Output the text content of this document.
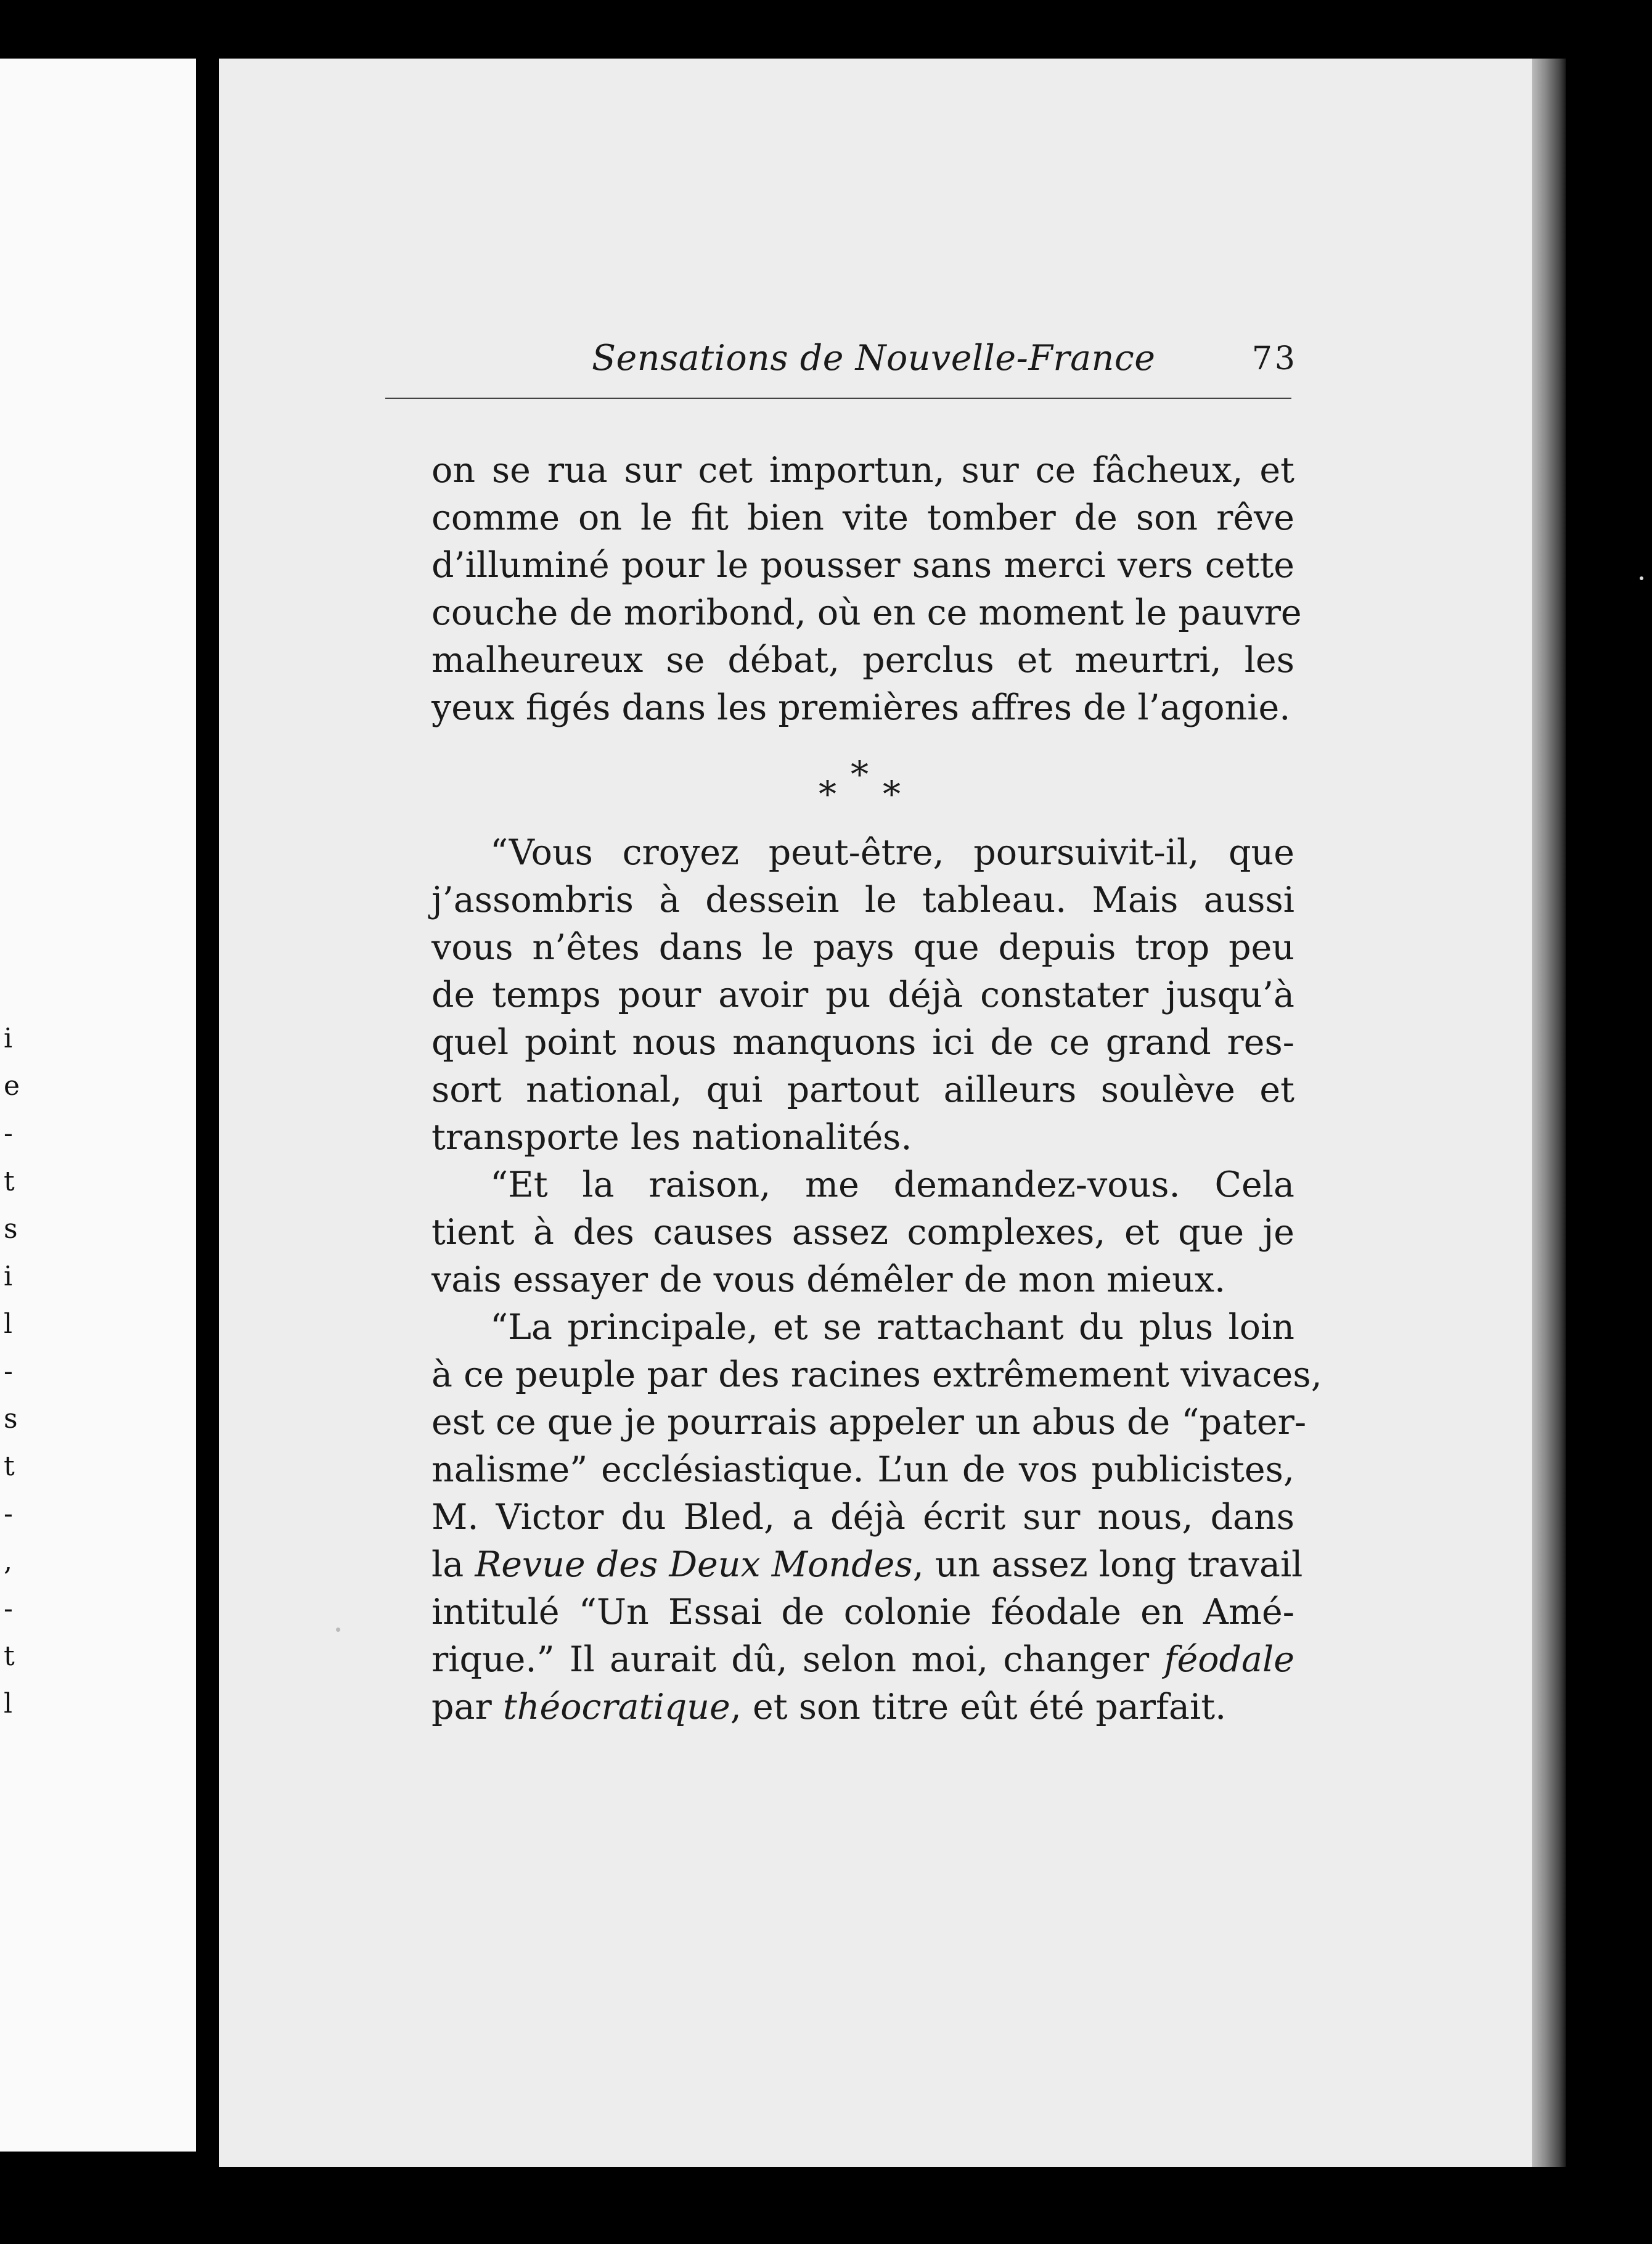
i
e
-
t
s
i
l
-
s
t
-
,
-
t
l
Sensations de Nouvelle-France	73
on se rua sur cet importun, sur ce fâcheux, et
comme on le fit bien vite tomber de son rêve
d’illuminé pour le pousser sans merci vers cette
couche de moribond, où en ce moment le pauvre
malheureux se débat, perclus et meurtri, les
yeux figés dans les premières affres de l’agonie.
*
* *
“Vous croyez peut-être, poursuivit-il, que
j’assombris à dessein le tableau. Mais aussi
vous n’êtes dans le pays que depuis trop peu
de temps pour avoir pu déjà constater jusqu’à
quel point nous manquons ici de ce grand res-
sort national, qui partout ailleurs soulève et
transporte les nationalités.
“Et la raison, me demandez-vous. Cela
tient à des causes assez complexes, et que je
vais essayer de vous démêler de mon mieux.
“La principale, et se rattachant du plus loin
à ce peuple par des racines extrêmement vivaces,
est ce que je pourrais appeler un abus de “pater-
nalisme” ecclésiastique. L’un de vos publicistes,
M. Victor du Bled, a déjà écrit sur nous, dans
la Revue des Deux Mondes, un assez long travail
intitulé “Un Essai de colonie féodale en Amé-
rique.” Il aurait dû, selon moi, changer féodale
par théocratique, et son titre eût été parfait.
